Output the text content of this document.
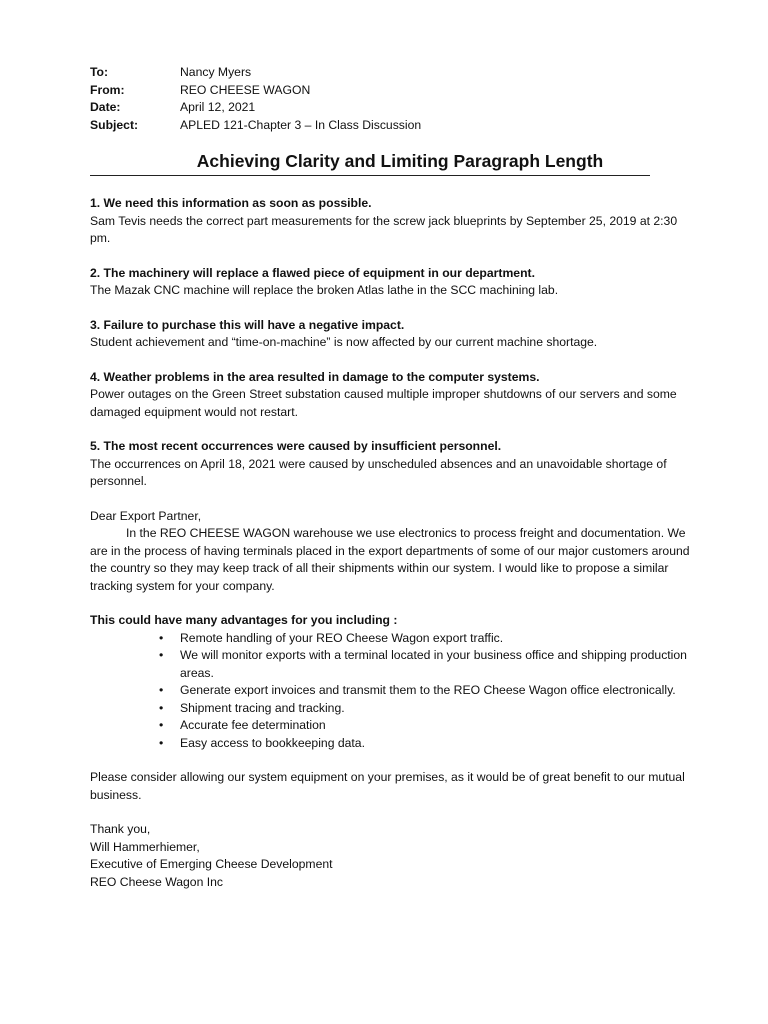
To:	Nancy Myers
From:	REO CHEESE WAGON
Date:	April 12, 2021
Subject:	APLED 121-Chapter 3 – In Class Discussion
Achieving Clarity and Limiting Paragraph Length
1. We need this information as soon as possible.
Sam Tevis needs the correct part measurements for the screw jack blueprints by September 25, 2019 at 2:30 pm.
2. The machinery will replace a flawed piece of equipment in our department.
The Mazak CNC machine will replace the broken Atlas lathe in the SCC machining lab.
3. Failure to purchase this will have a negative impact.
Student achievement and “time-on-machine” is now affected by our current machine shortage.
4. Weather problems in the area resulted in damage to the computer systems.
Power outages on the Green Street substation caused multiple improper shutdowns of our servers and some damaged equipment would not restart.
5. The most recent occurrences were caused by insufficient personnel.
The occurrences on April 18, 2021 were caused by unscheduled absences and an unavoidable shortage of personnel.
Dear Export Partner,
In the REO CHEESE WAGON warehouse we use electronics to process freight and documentation. We are in the process of having terminals placed in the export departments of some of our major customers around the country so they may keep track of all their shipments within our system. I would like to propose a similar tracking system for your company.
This could have many advantages for you including :
• Remote handling of your REO Cheese Wagon export traffic.
• We will monitor exports with a terminal located in your business office and shipping production areas.
• Generate export invoices and transmit them to the REO Cheese Wagon office electronically.
• Shipment tracing and tracking.
• Accurate fee determination
• Easy access to bookkeeping data.
Please consider allowing our system equipment on your premises, as it would be of great benefit to our mutual business.
Thank you,
Will Hammerhiemer,
Executive of Emerging Cheese Development
REO Cheese Wagon Inc
